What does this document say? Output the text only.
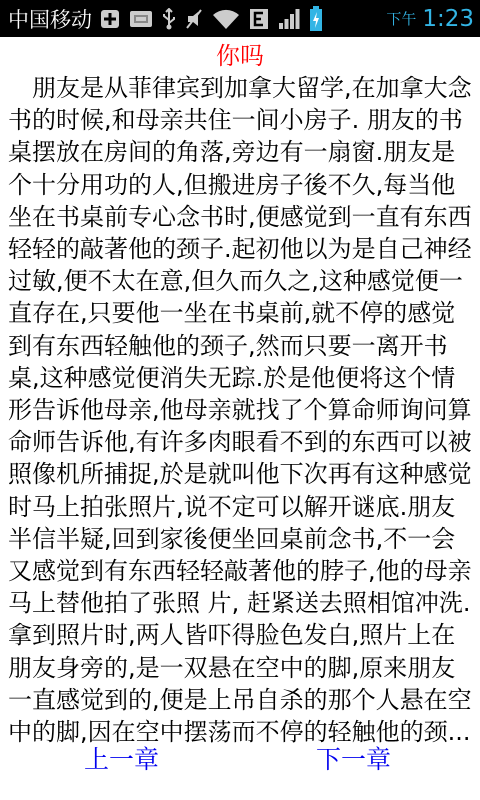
中国移动	下午 1:23
你吗

　朋友是从菲律宾到加拿大留学,在加拿大念书的时候,和母亲共住一间小房子. 朋友的书桌摆放在房间的角落,旁边有一扇窗.朋友是个十分用功的人,但搬进房子後不久,每当他坐在书桌前专心念书时,便感觉到一直有东西轻轻的敲著他的颈子.起初他以为是自己神经过敏,便不太在意,但久而久之,这种感觉便一直存在,只要他一坐在书桌前,就不停的感觉到有东西轻触他的颈子,然而只要一离开书桌,这种感觉便消失无踪.於是他便将这个情形告诉他母亲,他母亲就找了个算命师询问算命师告诉他,有许多肉眼看不到的东西可以被照像机所捕捉,於是就叫他下次再有这种感觉时马上拍张照片,说不定可以解开谜底.朋友半信半疑,回到家後便坐回桌前念书,不一会又感觉到有东西轻轻敲著他的脖子,他的母亲马上替他拍了张照 片, 赶紧送去照相馆冲洗.拿到照片时,两人皆吓得脸色发白,照片上在朋友身旁的,是一双悬在空中的脚,原来朋友一直感觉到的,便是上吊自杀的那个人悬在空中的脚,因在空中摆荡而不停的轻触他的颈...

上一章	下一章
